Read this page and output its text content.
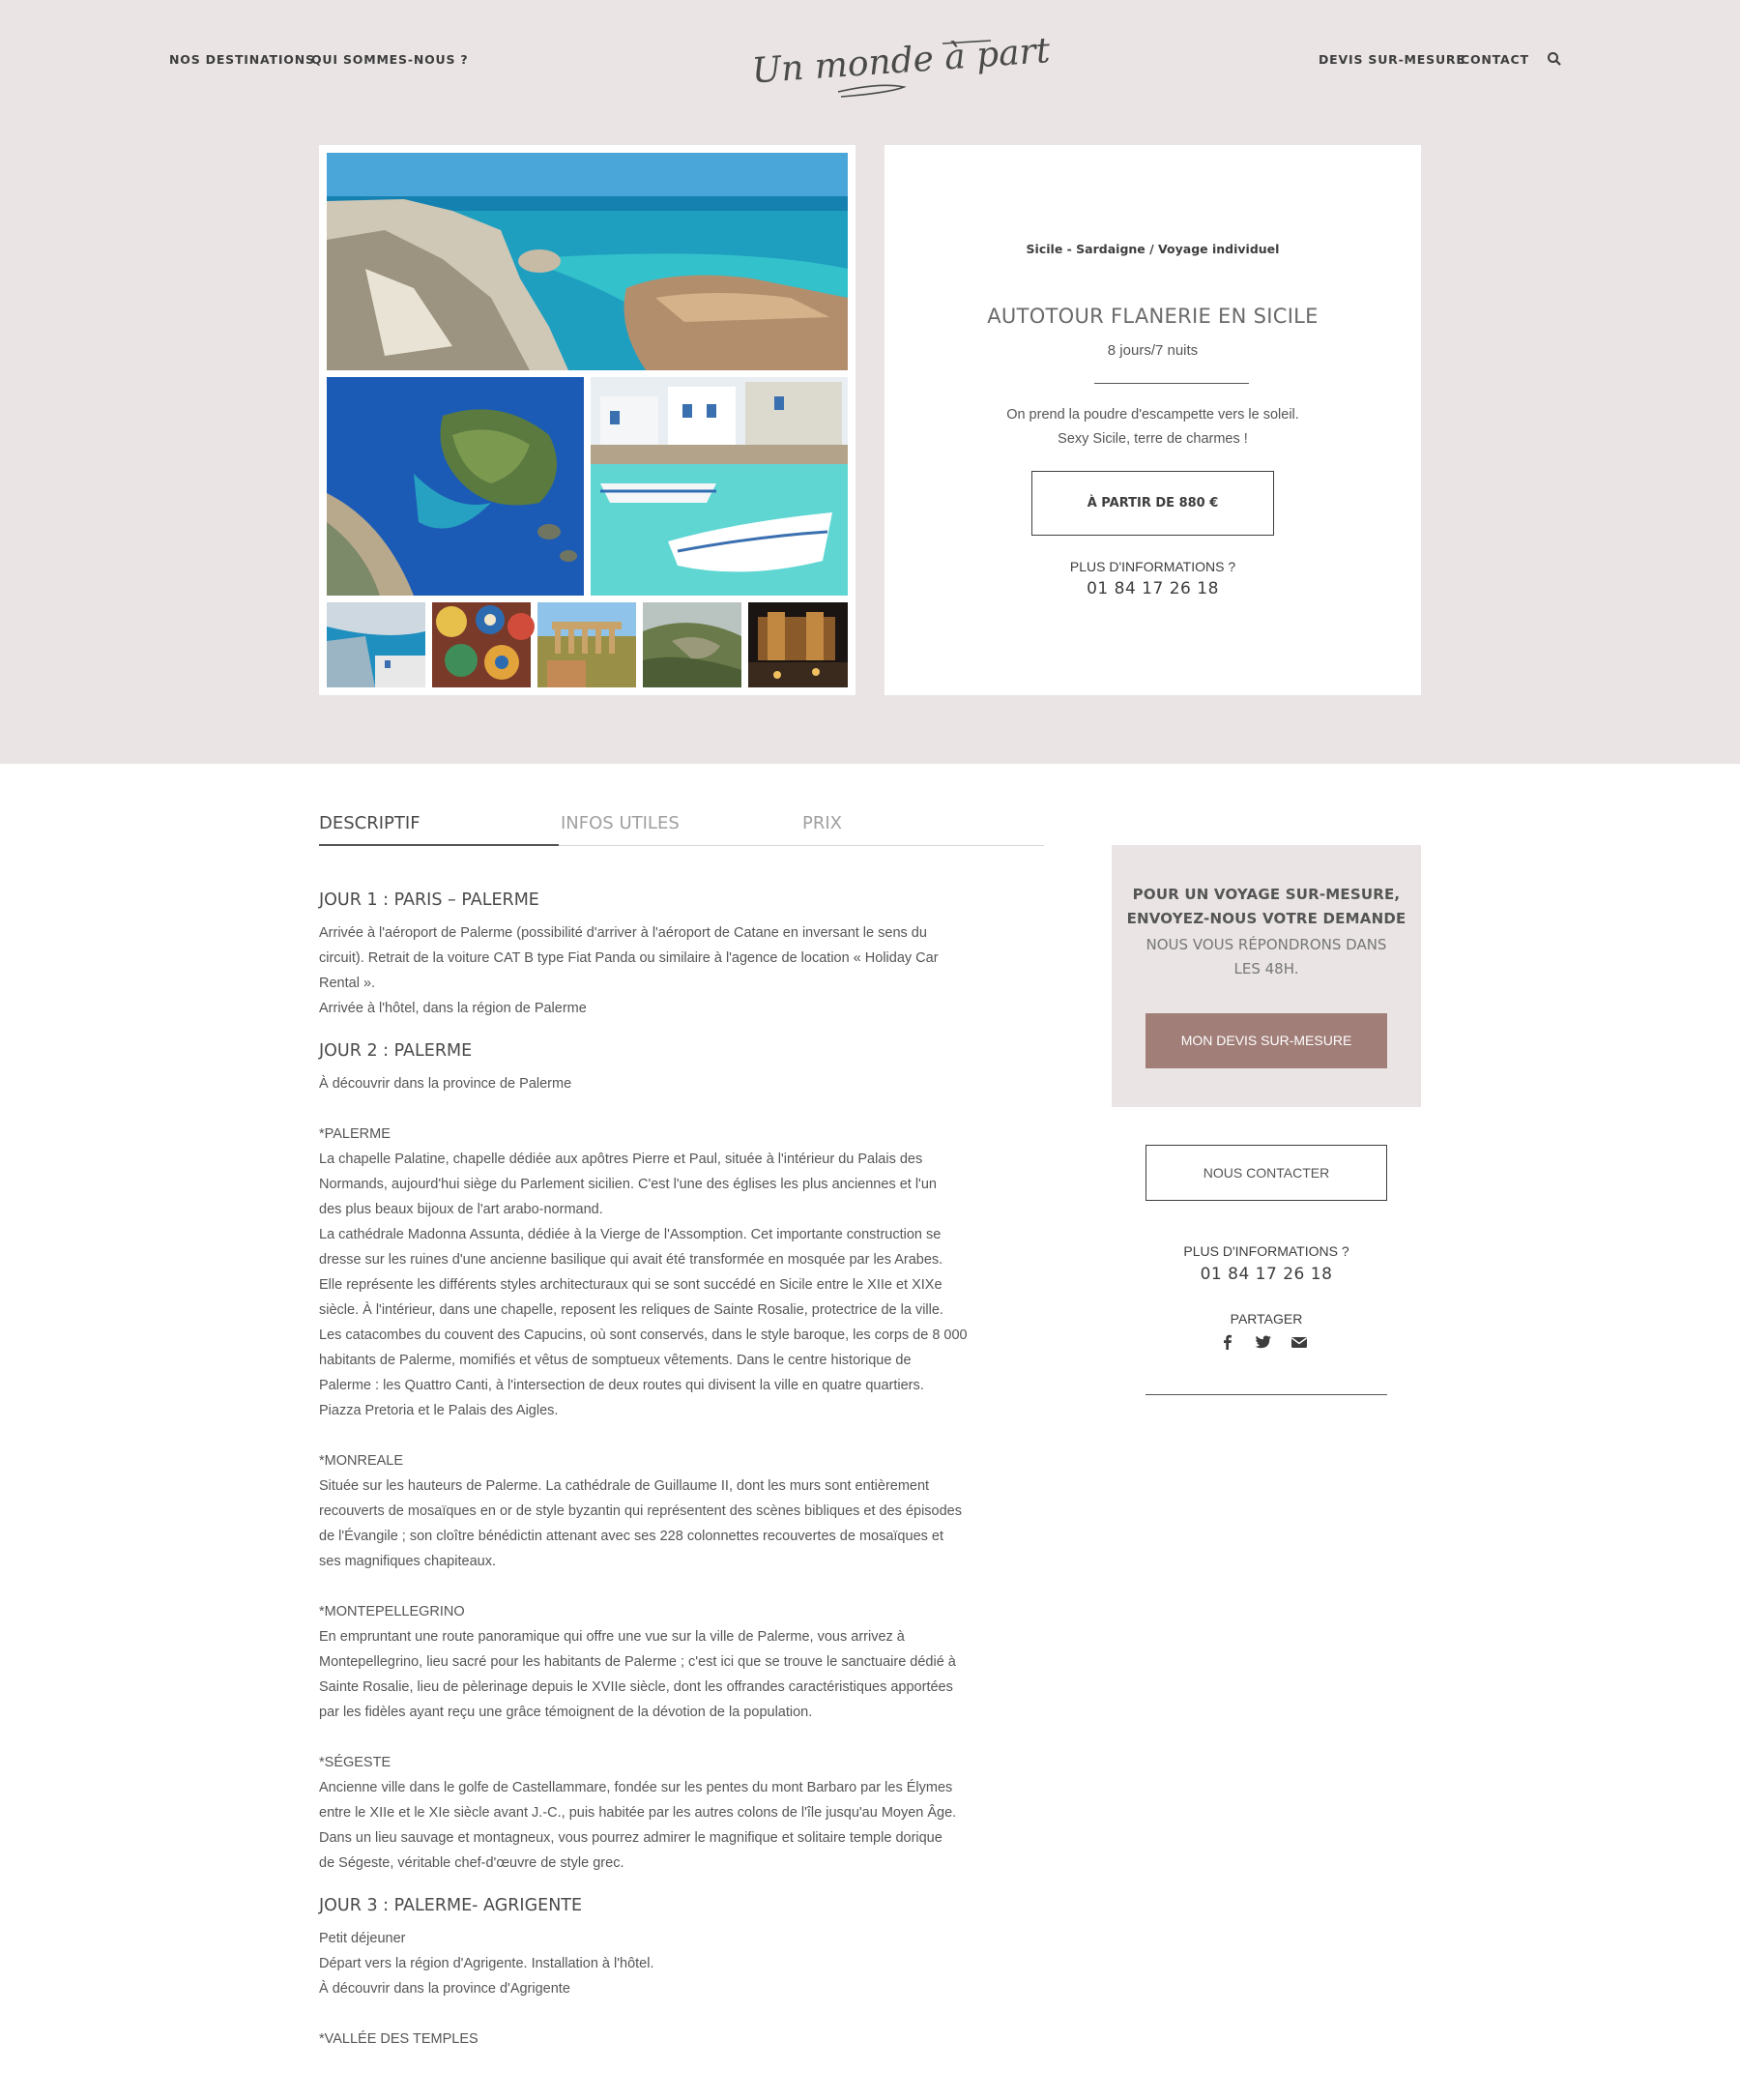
NOS DESTINATIONS
QUI SOMMES-NOUS ?	Un monde à part	DEVIS SUR-MESURE
CONTACT
Sicile - Sardaigne / Voyage individuel
AUTOTOUR FLANERIE EN SICILE
8 jours/7 nuits
On prend la poudre d'escampette vers le soleil.
Sexy Sicile, terre de charmes !
À PARTIR DE 880 €
PLUS D'INFORMATIONS ?
01 84 17 26 18
DESCRIPTIF	INFOS UTILES	PRIX
JOUR 1 : PARIS – PALERME
Arrivée à l'aéroport de Palerme (possibilité d'arriver à l'aéroport de Catane en inversant le sens du
circuit). Retrait de la voiture CAT B type Fiat Panda ou similaire à l'agence de location « Holiday Car
Rental ».
Arrivée à l'hôtel, dans la région de Palerme
JOUR 2 : PALERME
À découvrir dans la province de Palerme
*PALERME
La chapelle Palatine, chapelle dédiée aux apôtres Pierre et Paul, située à l'intérieur du Palais des
Normands, aujourd'hui siège du Parlement sicilien. C'est l'une des églises les plus anciennes et l'un
des plus beaux bijoux de l'art arabo-normand.
La cathédrale Madonna Assunta, dédiée à la Vierge de l'Assomption. Cet importante construction se
dresse sur les ruines d'une ancienne basilique qui avait été transformée en mosquée par les Arabes.
Elle représente les différents styles architecturaux qui se sont succédé en Sicile entre le XIIe et XIXe
siècle. À l'intérieur, dans une chapelle, reposent les reliques de Sainte Rosalie, protectrice de la ville.
Les catacombes du couvent des Capucins, où sont conservés, dans le style baroque, les corps de 8 000
habitants de Palerme, momifiés et vêtus de somptueux vêtements. Dans le centre historique de
Palerme : les Quattro Canti, à l'intersection de deux routes qui divisent la ville en quatre quartiers.
Piazza Pretoria et le Palais des Aigles.
*MONREALE
Située sur les hauteurs de Palerme. La cathédrale de Guillaume II, dont les murs sont entièrement
recouverts de mosaïques en or de style byzantin qui représentent des scènes bibliques et des épisodes
de l'Évangile ; son cloître bénédictin attenant avec ses 228 colonnettes recouvertes de mosaïques et
ses magnifiques chapiteaux.
*MONTEPELLEGRINO
En empruntant une route panoramique qui offre une vue sur la ville de Palerme, vous arrivez à
Montepellegrino, lieu sacré pour les habitants de Palerme ; c'est ici que se trouve le sanctuaire dédié à
Sainte Rosalie, lieu de pèlerinage depuis le XVIIe siècle, dont les offrandes caractéristiques apportées
par les fidèles ayant reçu une grâce témoignent de la dévotion de la population.
*SÉGESTE
Ancienne ville dans le golfe de Castellammare, fondée sur les pentes du mont Barbaro par les Élymes
entre le XIIe et le XIe siècle avant J.-C., puis habitée par les autres colons de l'île jusqu'au Moyen Âge.
Dans un lieu sauvage et montagneux, vous pourrez admirer le magnifique et solitaire temple dorique
de Ségeste, véritable chef-d'œuvre de style grec.
JOUR 3 : PALERME- AGRIGENTE
Petit déjeuner
Départ vers la région d'Agrigente. Installation à l'hôtel.
À découvrir dans la province d'Agrigente
*VALLÉE DES TEMPLES
POUR UN VOYAGE SUR-MESURE,
ENVOYEZ-NOUS VOTRE DEMANDE
NOUS VOUS RÉPONDRONS DANS
LES 48H.
MON DEVIS SUR-MESURE
NOUS CONTACTER
PLUS D'INFORMATIONS ?
01 84 17 26 18
PARTAGER
